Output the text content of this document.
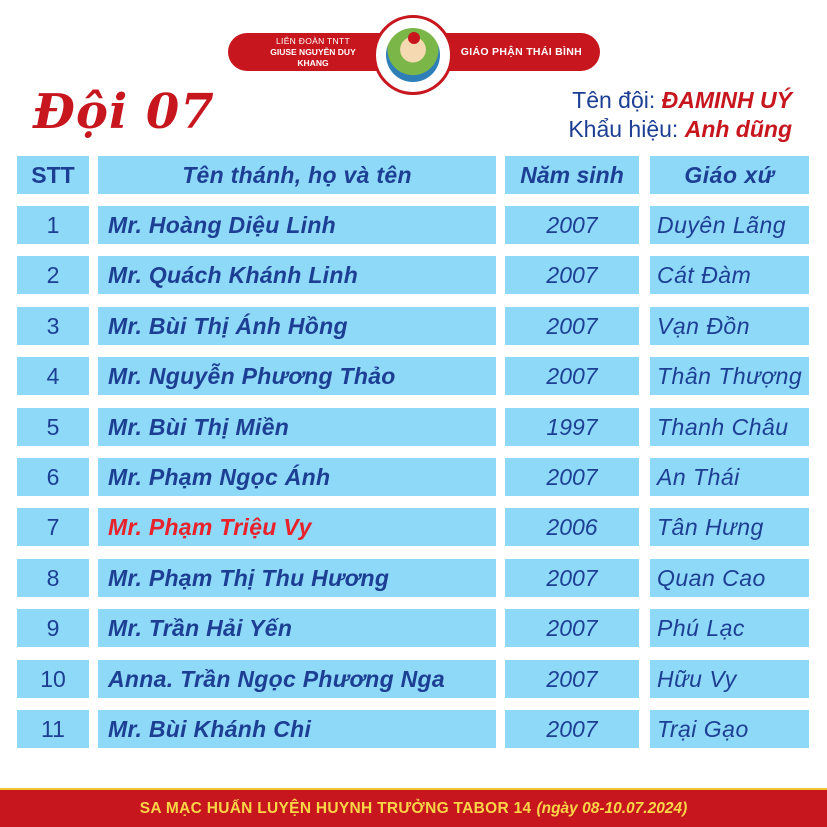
LIÊN ĐOÀN TNTT
GIUSE NGUYỄN DUY KHANG
GIÁO PHẬN THÁI BÌNH
Đội 07	Tên đội: ĐAMINH UÝ
Khẩu hiệu: Anh dũng
STT	Tên thánh, họ và tên	Năm sinh	Giáo xứ
1	Mr. Hoàng Diệu Linh	2007	Duyên Lãng
2	Mr. Quách Khánh Linh	2007	Cát Đàm
3	Mr. Bùi Thị Ánh Hồng	2007	Vạn Đồn
4	Mr. Nguyễn Phương Thảo	2007	Thân Thượng
5	Mr. Bùi Thị Miền	1997	Thanh Châu
6	Mr. Phạm Ngọc Ánh	2007	An Thái
7	Mr. Phạm Triệu Vy	2006	Tân Hưng
8	Mr. Phạm Thị Thu Hương	2007	Quan Cao
9	Mr. Trần Hải Yến	2007	Phú Lạc
10	Anna. Trần Ngọc Phương Nga	2007	Hữu Vy
11	Mr. Bùi Khánh Chi	2007	Trại Gạo
SA MẠC HUẤN LUYỆN HUYNH TRƯỞNG TABOR 14 (ngày 08-10.07.2024)
